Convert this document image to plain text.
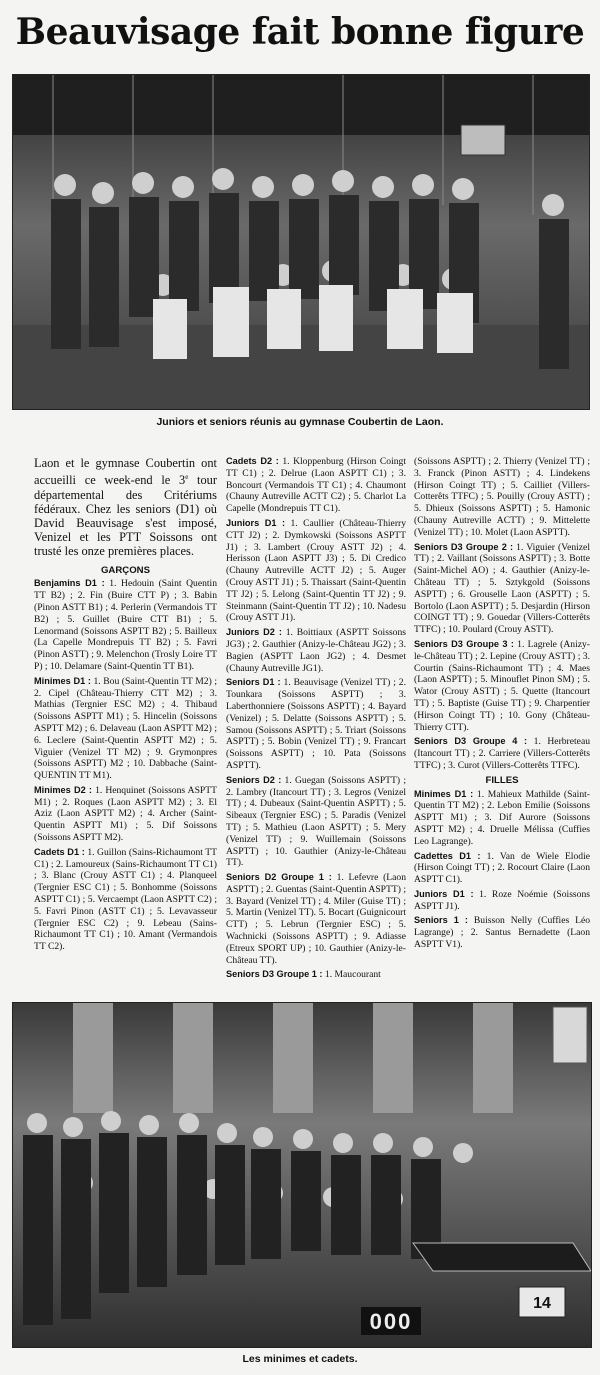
Beauvisage fait bonne figure
Juniors et seniors réunis au gymnase Coubertin de Laon.
Laon et le gymnase Coubertin ont accueilli ce week-end le 3e tour départemental des Critériums fédéraux. Chez les seniors (D1) où David Beauvisage s'est imposé, Venizel et les PTT Soissons ont trusté les onze premières places.
GARÇONS

Benjamins D1 : 1. Hedouin (Saint Quentin TT B2) ; 2. Fin (Buire CTT P) ; 3. Babin (Pinon ASTT B1) ; 4. Perlerin (Vermandois TT B2) ; 5. Guillet (Buire CTT B1) ; 5. Lenormand (Soissons ASPTT B2) ; 5. Bailleux (La Capelle Mondrepuis TT B2) ; 5. Favri (Pinon ASTT) ; 9. Melenchon (Trosly Loire TT P) ; 10. Delamare (Saint-Quentin TT B1).

Minimes D1 : 1. Bou (Saint-Quentin TT M2) ; 2. Cipel (Château-Thierry CTT M2) ; 3. Mathias (Tergnier ESC M2) ; 4. Thibaud (Soissons ASPTT M1) ; 5. Hincelin (Soissons ASPTT M2) ; 6. Delaveau (Laon ASPTT M2) ; 6. Leclere (Saint-Quentin ASPTT M2) ; 5. Viguier (Venizel TT M2) ; 9. Grymonpres (Soissons ASPTT) M2 ; 10. Dabbache (Saint-QUENTIN TT M1).

Minimes D2 : 1. Henquinet (Soissons ASPTT M1) ; 2. Roques (Laon ASPTT M2) ; 3. El Aziz (Laon ASPTT M2) ; 4. Archer (Saint-Quentin ASPTT M1) ; 5. Dif Soissons (Soissons ASPTT M2).

Cadets D1 : 1. Guillon (Sains-Richaumont TT C1) ; 2. Lamoureux (Sains-Richaumont TT C1) ; 3. Blanc (Crouy ASTT C1) ; 4. Planqueel (Tergnier ESC C1) ; 5. Bonhomme (Soissons ASPTT C1) ; 5. Vercaempt (Laon ASPTT C2) ; 5. Favri Pinon (ASTT C1) ; 5. Levavasseur (Tergnier ESC C2) ; 9. Lebeau (Sains-Richaumont TT C1) ; 10. Amant (Vermandois TT C2).

Cadets D2 : 1. Kloppenburg (Hirson Coingt TT C1) ; 2. Delrue (Laon ASPTT C1) ; 3. Boncourt (Vermandois TT C1) ; 4. Chaumont (Chauny Autreville ACTT C2) ; 5. Charlot La Capelle (Mondrepuis TT C1).

Juniors D1 : 1. Caullier (Château-Thierry CTT J2) ; 2. Dymkowski (Soissons ASPTT J1) ; 3. Lambert (Crouy ASTT J2) ; 4. Herisson (Laon ASPTT J3) ; 5. Di Credico (Chauny Autreville ACTT J2) ; 5. Auger (Crouy ASTT J1) ; 5. Thaissart (Saint-Quentin TT J2) ; 5. Lelong (Saint-Quentin TT J2) ; 9. Steinmann (Saint-Quentin TT J2) ; 10. Nadesu (Crouy ASTT J1).

Juniors D2 : 1. Boittiaux (ASPTT Soissons JG3) ; 2. Gauthier (Anizy-le-Château JG2) ; 3. Bagien (ASPTT Laon JG2) ; 4. Desmet (Chauny Autreville JG1).

Seniors D1 : 1. Beauvisage (Venizel TT) ; 2. Tounkara (Soissons ASPTT) ; 3. Laberthonniere (Soissons ASPTT) ; 4. Bayard (Venizel) ; 5. Delatte (Soissons ASPTT) ; 5. Samou (Soissons ASPTT) ; 5. Triart (Soissons ASPTT) ; 5. Bobin (Venizel TT) ; 9. Francart (Soissons ASPTT) ; 10. Pata (Soissons ASPTT).

Seniors D2 : 1. Guegan (Soissons ASPTT) ; 2. Lambry (Itancourt TT) ; 3. Legros (Venizel TT) ; 4. Dubeaux (Saint-Quentin ASPTT) ; 5. Sibeaux (Tergnier ESC) ; 5. Paradis (Venizel TT) ; 5. Mathieu (Laon ASPTT) ; 5. Mery (Venizel TT) ; 9. Wuillemain (Soissons ASPTT) ; 10. Gauthier (Anizy-le-Château TT).

Seniors D2 Groupe 1 : 1. Lefevre (Laon ASPTT) ; 2. Guentas (Saint-Quentin ASPTT) ; 3. Bayard (Venizel TT) ; 4. Miler (Guise TT) ; 5. Martin (Venizel TT). 5. Bocart (Guignicourt CTT) ; 5. Lebrun (Tergnier ESC) ; 5. Wachnicki (Soissons ASPTT) ; 9. Adiasse (Etreux SPORT UP) ; 10. Gauthier (Anizy-le-Château TT).

Seniors D3 Groupe 1 : 1. Maucourant

(Soissons ASPTT) ; 2. Thierry (Venizel TT) ; 3. Franck (Pinon ASTT) ; 4. Lindekens (Hirson Coingt TT) ; 5. Cailliet (Villers-Cotterêts TTFC) ; 5. Pouilly (Crouy ASTT) ; 5. Dhieux (Soissons ASPTT) ; 5. Hamonic (Chauny Autreville ACTT) ; 9. Mittelette (Venizel TT) ; 10. Molet (Laon ASPTT).

Seniors D3 Groupe 2 : 1. Viguier (Venizel TT) ; 2. Vaillant (Soissons ASPTT) ; 3. Botte (Saint-Michel AO) ; 4. Gauthier (Anizy-le-Château TT) ; 5. Sztykgold (Soissons ASPTT) ; 6. Grouselle Laon (ASPTT) ; 5. Bortolo (Laon ASPTT) ; 5. Desjardin (Hirson COINGT TT) ; 9. Gouedar (Villers-Cotterêts TTFC) ; 10. Poulard (Crouy ASTT).

Seniors D3 Groupe 3 : 1. Lagrele (Anizy-le-Château TT) ; 2. Lepine (Crouy ASTT) ; 3. Courtin (Sains-Richaumont TT) ; 4. Maes (Laon ASPTT) ; 5. Minouflet Pinon SM) ; 5. Wator (Crouy ASTT) ; 5. Quette (Itancourt TT) ; 5. Baptiste (Guise TT) ; 9. Charpentier (Hirson Coingt TT) ; 10. Gony (Château-Thierry CTT).

Seniors D3 Groupe 4 : 1. Herbreteau (Itancourt TT) ; 2. Carriere (Villers-Cotterêts TTFC) ; 3. Curot (Villers-Cotterêts TTFC).

FILLES

Minimes D1 : 1. Mahieux Mathilde (Saint-Quentin TT M2) ; 2. Lebon Emilie (Soissons ASPTT M1) ; 3. Dif Aurore (Soissons ASPTT M2) ; 4. Druelle Mélissa (Cuffies Leo Lagrange).

Cadettes D1 : 1. Van de Wiele Elodie (Hirson Coingt TT) ; 2. Rocourt Claire (Laon ASPTT C1).

Juniors D1 : 1. Roze Noémie (Soissons ASPTT J1).

Seniors 1 : Buisson Nelly (Cuffies Léo Lagrange) ; 2. Santus Bernadette (Laon ASPTT V1).

14
000
Les minimes et cadets.
